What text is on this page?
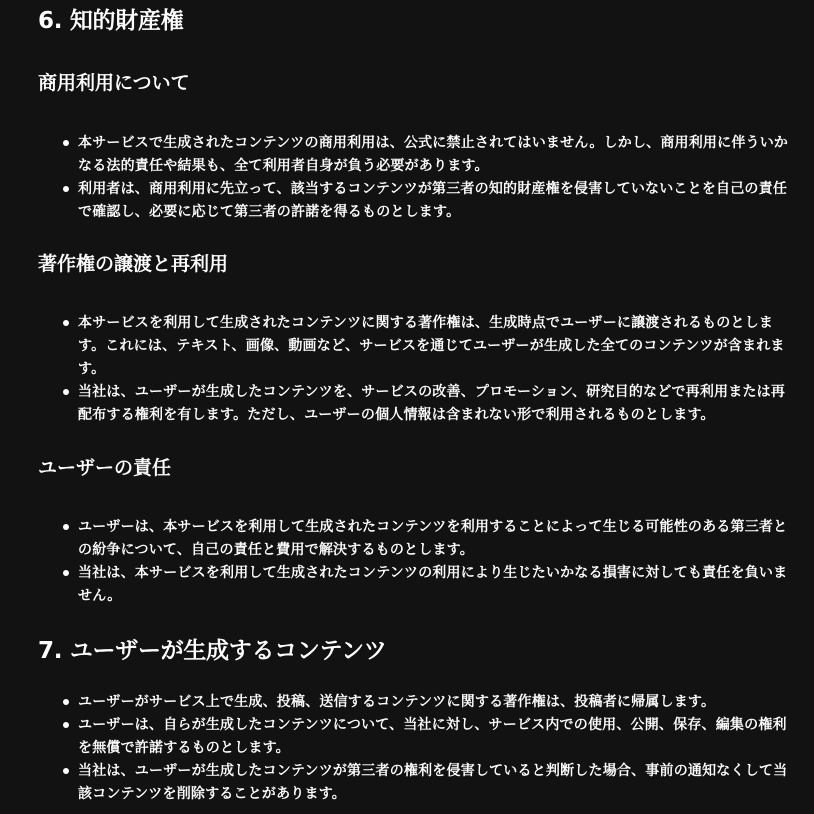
6. 知的財産権
商用利用について
本サービスで生成されたコンテンツの商用利用は、公式に禁止されてはいません。しかし、商用利用に伴ういかなる法的責任や結果も、全て利用者自身が負う必要があります。
利用者は、商用利用に先立って、該当するコンテンツが第三者の知的財産権を侵害していないことを自己の責任で確認し、必要に応じて第三者の許諾を得るものとします。
著作権の譲渡と再利用
本サービスを利用して生成されたコンテンツに関する著作権は、生成時点でユーザーに譲渡されるものとします。これには、テキスト、画像、動画など、サービスを通じてユーザーが生成した全てのコンテンツが含まれます。
当社は、ユーザーが生成したコンテンツを、サービスの改善、プロモーション、研究目的などで再利用または再配布する権利を有します。ただし、ユーザーの個人情報は含まれない形で利用されるものとします。
ユーザーの責任
ユーザーは、本サービスを利用して生成されたコンテンツを利用することによって生じる可能性のある第三者との紛争について、自己の責任と費用で解決するものとします。
当社は、本サービスを利用して生成されたコンテンツの利用により生じたいかなる損害に対しても責任を負いません。
7. ユーザーが生成するコンテンツ
ユーザーがサービス上で生成、投稿、送信するコンテンツに関する著作権は、投稿者に帰属します。
ユーザーは、自らが生成したコンテンツについて、当社に対し、サービス内での使用、公開、保存、編集の権利を無償で許諾するものとします。
当社は、ユーザーが生成したコンテンツが第三者の権利を侵害していると判断した場合、事前の通知なくして当該コンテンツを削除することがあります。
